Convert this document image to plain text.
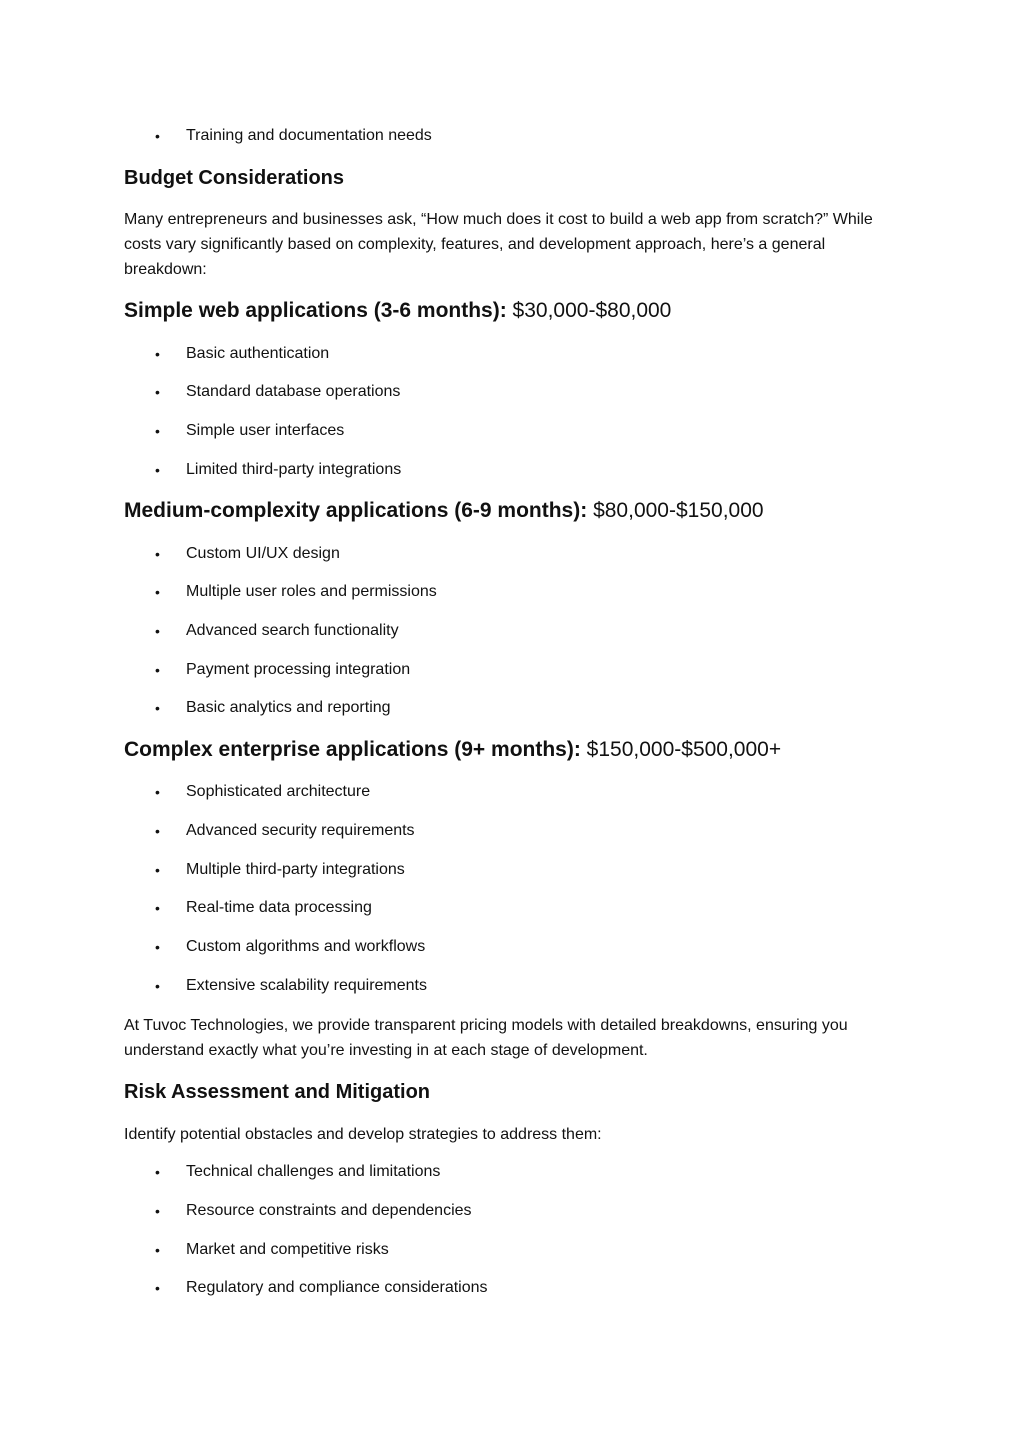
• Training and documentation needs
Budget Considerations
Many entrepreneurs and businesses ask, “How much does it cost to build a web app from scratch?” While costs vary significantly based on complexity, features, and development approach, here’s a general breakdown:
Simple web applications (3-6 months): $30,000-$80,000
• Basic authentication
• Standard database operations
• Simple user interfaces
• Limited third-party integrations
Medium-complexity applications (6-9 months): $80,000-$150,000
• Custom UI/UX design
• Multiple user roles and permissions
• Advanced search functionality
• Payment processing integration
• Basic analytics and reporting
Complex enterprise applications (9+ months): $150,000-$500,000+
• Sophisticated architecture
• Advanced security requirements
• Multiple third-party integrations
• Real-time data processing
• Custom algorithms and workflows
• Extensive scalability requirements
At Tuvoc Technologies, we provide transparent pricing models with detailed breakdowns, ensuring you understand exactly what you’re investing in at each stage of development.
Risk Assessment and Mitigation
Identify potential obstacles and develop strategies to address them:
• Technical challenges and limitations
• Resource constraints and dependencies
• Market and competitive risks
• Regulatory and compliance considerations
